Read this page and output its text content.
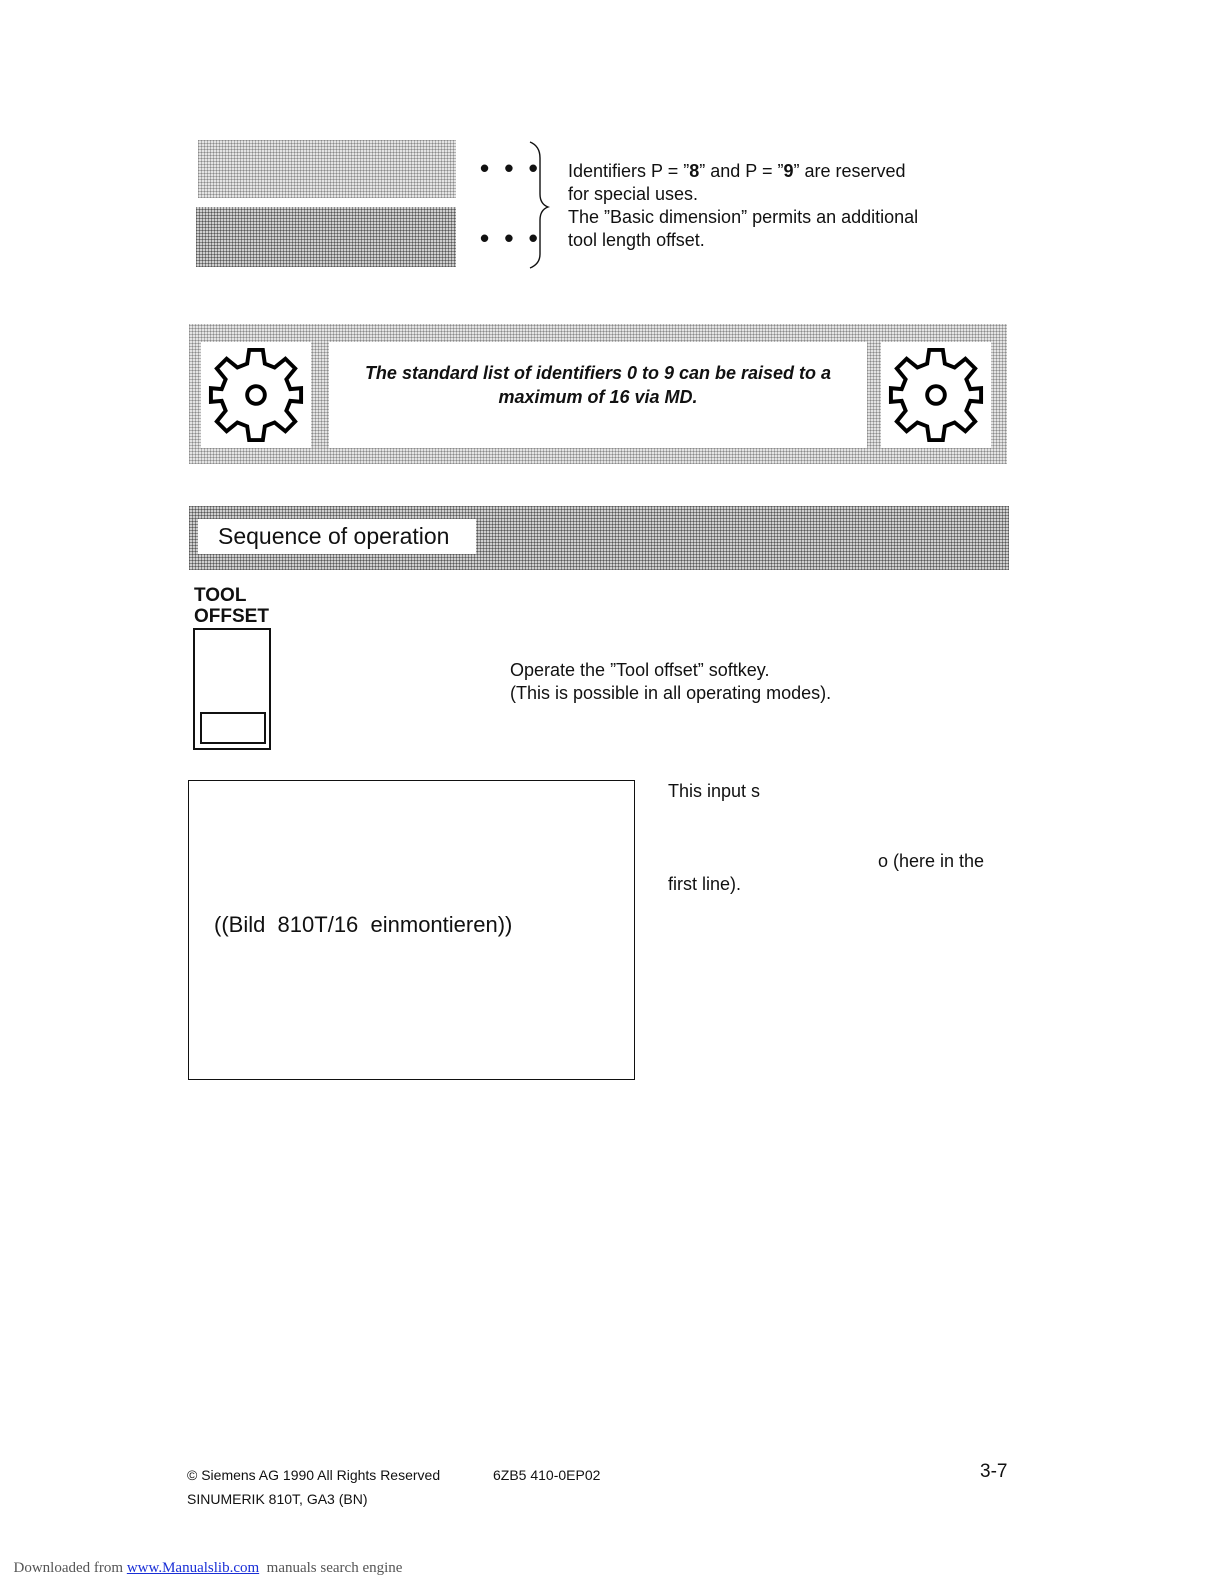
• • •
• • •
Identifiers P = ”8” and P = ”9” are reserved
for special uses.
The ”Basic dimension” permits an additional
tool length offset.
The standard list of identifiers 0 to 9 can be raised to a
maximum of 16 via MD.
Sequence of operation
TOOL
OFFSET
Operate the ”Tool offset” softkey.
(This is possible in all operating modes).
((Bild  810T/16  einmontieren))
This input s
o (here in the
first line).
© Siemens AG 1990 All Rights Reserved	6ZB5 410-0EP02	3-7
SINUMERIK 810T, GA3 (BN)

Downloaded from www.Manualslib.com  manuals search engine
